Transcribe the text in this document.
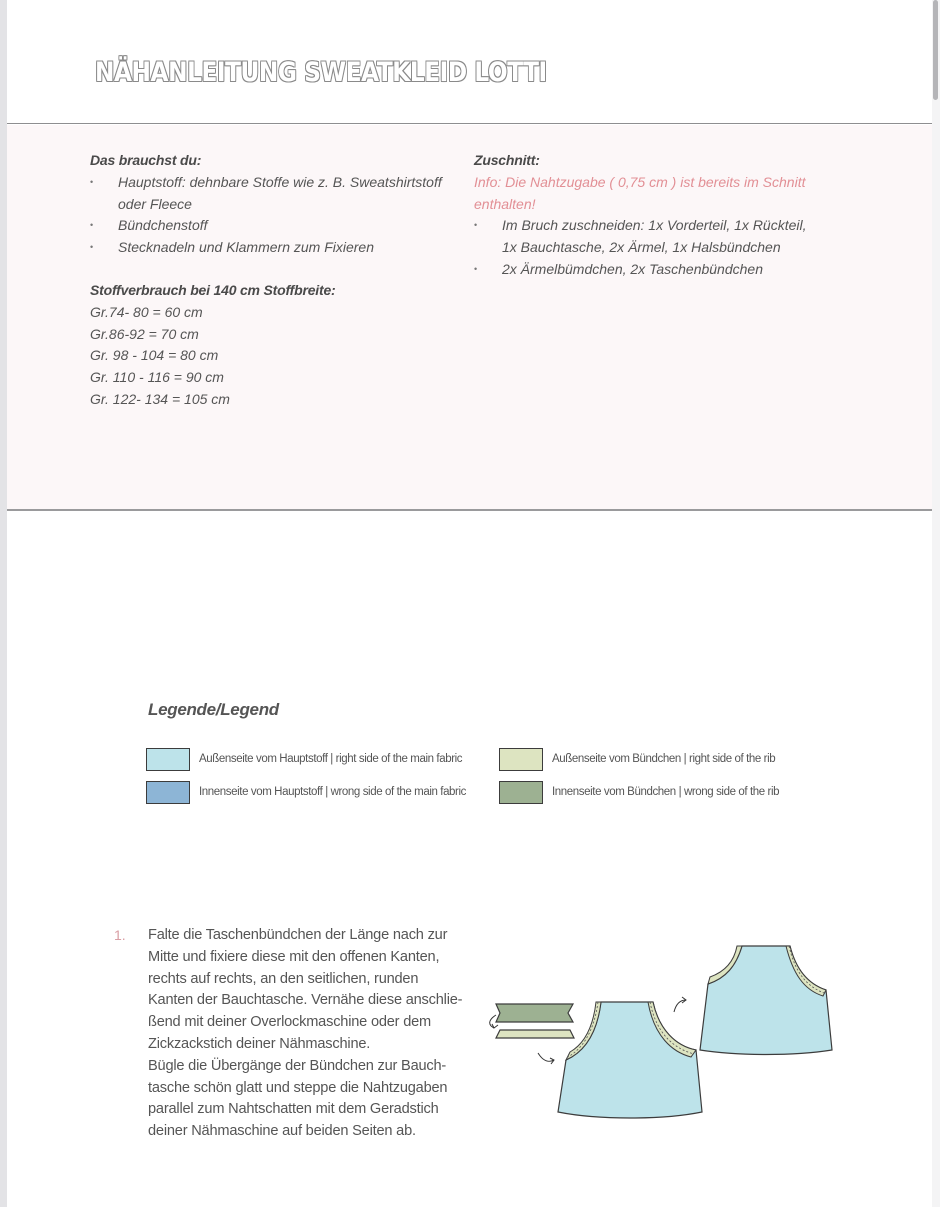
NÄHANLEITUNG SWEATKLEID LOTTI
Das brauchst du:
• Hauptstoff: dehnbare Stoffe wie z. B. Sweatshirtstoff oder Fleece
• Bündchenstoff
• Stecknadeln und Klammern zum Fixieren
Stoffverbrauch bei 140 cm Stoffbreite:
Gr.74- 80 = 60 cm
Gr.86-92 = 70 cm
Gr. 98 - 104 = 80 cm
Gr. 110 - 116 = 90 cm
Gr. 122- 134 = 105 cm
Zuschnitt:
Info: Die Nahtzugabe ( 0,75 cm ) ist bereits im Schnitt enthalten!
• Im Bruch zuschneiden: 1x Vorderteil, 1x Rückteil, 1x Bauchtasche, 2x Ärmel, 1x Halsbündchen
• 2x Ärmelbümdchen, 2x Taschenbündchen
Legende/Legend
Außenseite vom Hauptstoff | right side of the main fabric	Außenseite vom Bündchen | right side of the rib
Innenseite vom Hauptstoff | wrong side of the main fabric	Innenseite vom Bündchen | wrong side of the rib
1. Falte die Taschenbündchen der Länge nach zur
Mitte und fixiere diese mit den offenen Kanten,
rechts auf rechts, an den seitlichen, runden
Kanten der Bauchtasche. Vernähe diese anschlie-
ßend mit deiner Overlockmaschine oder dem
Zickzackstich deiner Nähmaschine.
Bügle die Übergänge der Bündchen zur Bauch-
tasche schön glatt und steppe die Nahtzugaben
parallel zum Nahtschatten mit dem Geradstich
deiner Nähmaschine auf beiden Seiten ab.
